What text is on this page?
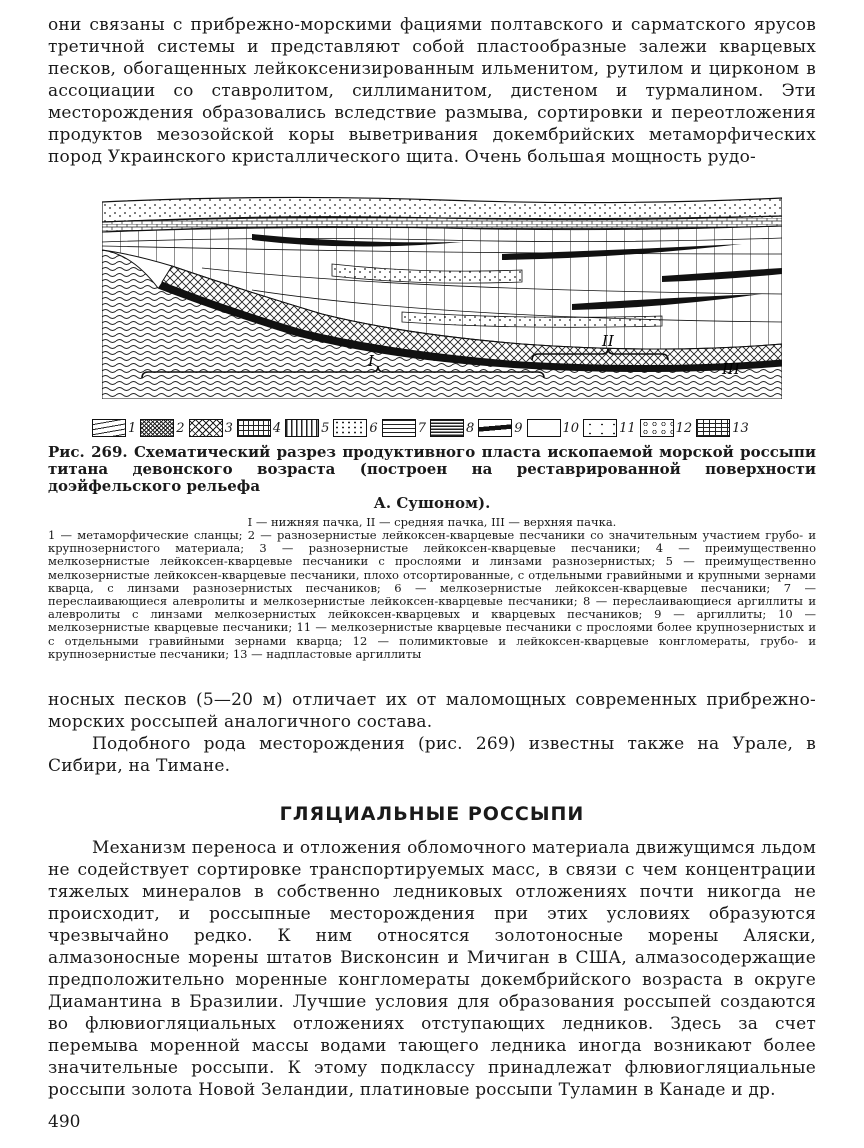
они связаны с прибрежно-морскими фациями полтавского и сарматского ярусов третичной системы и представляют собой пластообразные залежи кварцевых песков, обогащенных лейкоксенизированным ильменитом, рутилом и цирконом в ассоциации со ставролитом, силлиманитом, дистеном и турмалином. Эти месторождения образовались вследствие размыва, сортировки и переотложения продуктов мезозойской коры выветривания докембрийских метаморфических пород Украинского кристаллического щита. Очень большая мощность рудо-

I
II
III
1	2	3	4	5	6	7	8	9	10	11	12	13

Рис. 269. Схематический разрез продуктивного пласта ископаемой морской россыпи титана девонского возраста (построен на реставрированной поверхности доэйфельского рельефа
А. Сушоном).

I — нижняя пачка, II — средняя пачка, III — верхняя пачка.

1 — метаморфические сланцы; 2 — разнозернистые лейкоксен-кварцевые песчаники со значительным участием грубо- и крупнозернистого материала; 3 — разнозернистые лейкоксен-кварцевые песчаники; 4 — преимущественно мелкозернистые лейкоксен-кварцевые песчаники с прослоями и линзами разнозернистых; 5 — преимущественно мелкозернистые лейкоксен-кварцевые песчаники, плохо отсортированные, с отдельными гравийными и крупными зернами кварца, с линзами разнозернистых песчаников; 6 — мелкозернистые лейкоксен-кварцевые песчаники; 7 — переслаивающиеся алевролиты и мелкозернистые лейкоксен-кварцевые песчаники; 8 — переслаивающиеся аргиллиты и алевролиты с линзами мелкозернистых лейкоксен-кварцевых и кварцевых песчаников; 9 — аргиллиты; 10 — мелкозернистые кварцевые песчаники; 11 — мелкозернистые кварцевые песчаники с прослоями более крупнозернистых и с отдельными гравийными зернами кварца; 12 — полимиктовые и лейкоксен-кварцевые конгломераты, грубо- и крупнозернистые песчаники; 13 — надпластовые аргиллиты

носных песков (5—20 м) отличает их от маломощных современных прибрежно-морских россыпей аналогичного состава.

Подобного рода месторождения (рис. 269) известны также на Урале, в Сибири, на Тимане.

ГЛЯЦИАЛЬНЫЕ РОССЫПИ

Механизм переноса и отложения обломочного материала движущимся льдом не содействует сортировке транспортируемых масс, в связи с чем концентрации тяжелых минералов в собственно ледниковых отложениях почти никогда не происходит, и россыпные месторождения при этих условиях образуются чрезвычайно редко. К ним относятся золотоносные морены Аляски, алмазоносные морены штатов Висконсин и Мичиган в США, алмазосодержащие предположительно моренные конгломераты докембрийского возраста в округе Диамантина в Бразилии. Лучшие условия для образования россыпей создаются во флювиогляциальных отложениях отступающих ледников. Здесь за счет перемыва моренной массы водами тающего ледника иногда возникают более значительные россыпи. К этому подклассу принадлежат флювиогляциальные россыпи золота Новой Зеландии, платиновые россыпи Туламин в Канаде и др.

490
